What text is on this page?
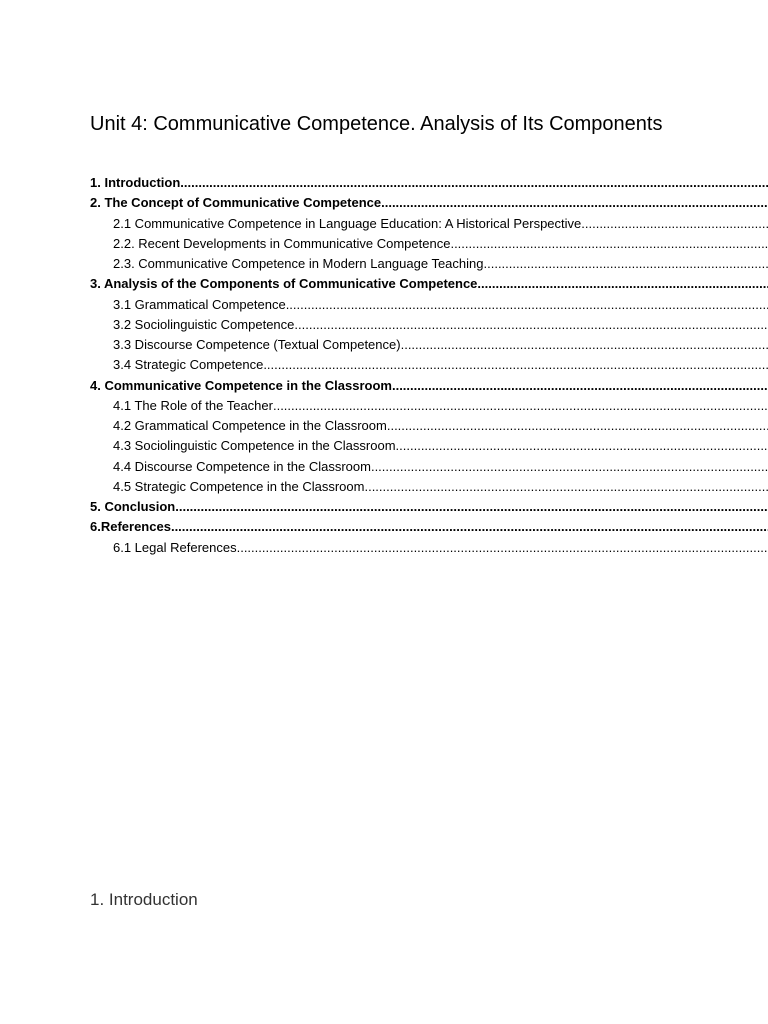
Unit 4: Communicative Competence. Analysis of Its Components
1. Introduction
.....
2. The Concept of Communicative Competence
.....
2.1 Communicative Competence in Language Education: A Historical Perspective
.....
2.2. Recent Developments in Communicative Competence
.....
2.3. Communicative Competence in Modern Language Teaching
.....
3. Analysis of the Components of Communicative Competence
.....
3.1 Grammatical Competence
.....
3.2 Sociolinguistic Competence
.....
3.3 Discourse Competence (Textual Competence)
.....
3.4 Strategic Competence
.....
4. Communicative Competence in the Classroom
.....
4.1 The Role of the Teacher
.....
4.2 Grammatical Competence in the Classroom
.....
4.3 Sociolinguistic Competence in the Classroom
.....
4.4 Discourse Competence in the Classroom
.....
4.5 Strategic Competence in the Classroom
.....
5. Conclusion
.....
6.References
.....
6.1 Legal References
.....
1. Introduction
